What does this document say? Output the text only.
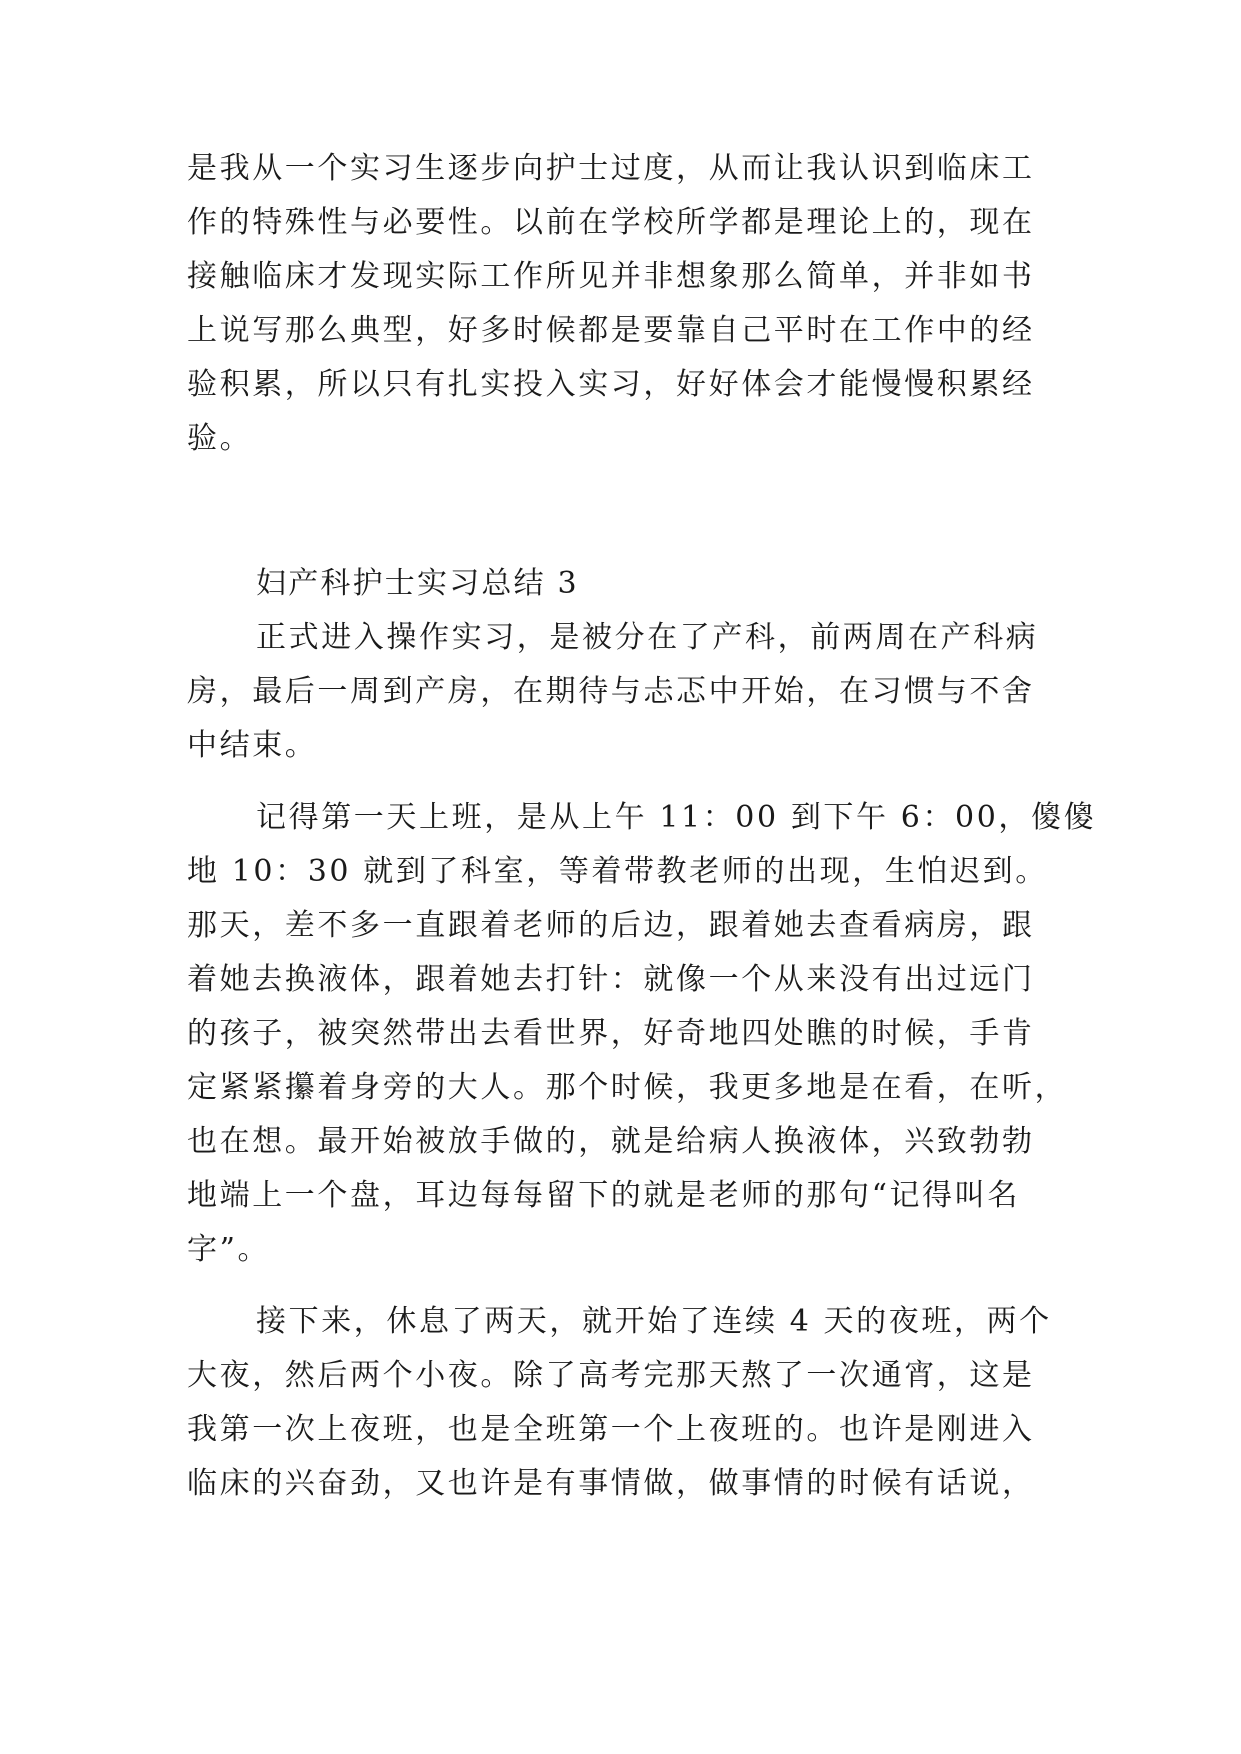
是我从一个实习生逐步向护士过度，从而让我认识到临床工
作的特殊性与必要性。以前在学校所学都是理论上的，现在
接触临床才发现实际工作所见并非想象那么简单，并非如书
上说写那么典型，好多时候都是要靠自己平时在工作中的经
验积累，所以只有扎实投入实习，好好体会才能慢慢积累经
验。
妇产科护士实习总结 3
正式进入操作实习，是被分在了产科，前两周在产科病
房，最后一周到产房，在期待与忐忑中开始，在习惯与不舍
中结束。
记得第一天上班，是从上午 11：00 到下午 6：00，傻傻
地 10：30 就到了科室，等着带教老师的出现，生怕迟到。
那天，差不多一直跟着老师的后边，跟着她去查看病房，跟
着她去换液体，跟着她去打针：就像一个从来没有出过远门
的孩子，被突然带出去看世界，好奇地四处瞧的时候，手肯
定紧紧攥着身旁的大人。那个时候，我更多地是在看，在听，
也在想。最开始被放手做的，就是给病人换液体，兴致勃勃
地端上一个盘，耳边每每留下的就是老师的那句“记得叫名
字”。
接下来，休息了两天，就开始了连续 4 天的夜班，两个
大夜，然后两个小夜。除了高考完那天熬了一次通宵，这是
我第一次上夜班，也是全班第一个上夜班的。也许是刚进入
临床的兴奋劲，又也许是有事情做，做事情的时候有话说，
